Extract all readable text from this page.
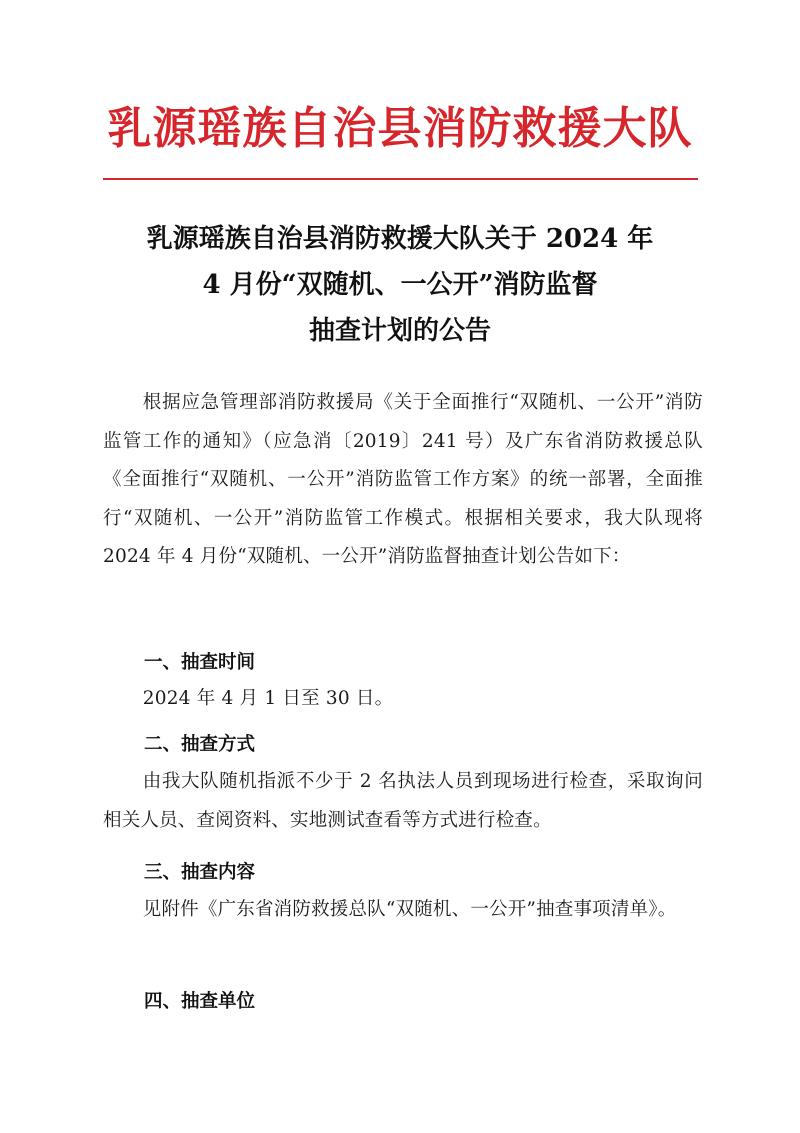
乳源瑶族自治县消防救援大队
乳源瑶族自治县消防救援大队关于 2024 年
4 月份“双随机、一公开”消防监督
抽查计划的公告
根据应急管理部消防救援局《关于全面推行“双随机、一公开”消防监管工作的通知》（应急消〔2019〕241 号）及广东省消防救援总队《全面推行“双随机、一公开”消防监管工作方案》的统一部署，全面推行“双随机、一公开”消防监管工作模式。根据相关要求，我大队现将 2024 年 4 月份“双随机、一公开”消防监督抽查计划公告如下：
一、抽查时间
2024 年 4 月 1 日至 30 日。
二、抽查方式
由我大队随机指派不少于 2 名执法人员到现场进行检查，采取询问相关人员、查阅资料、实地测试查看等方式进行检查。
三、抽查内容
见附件《广东省消防救援总队“双随机、一公开”抽查事项清单》。
四、抽查单位
